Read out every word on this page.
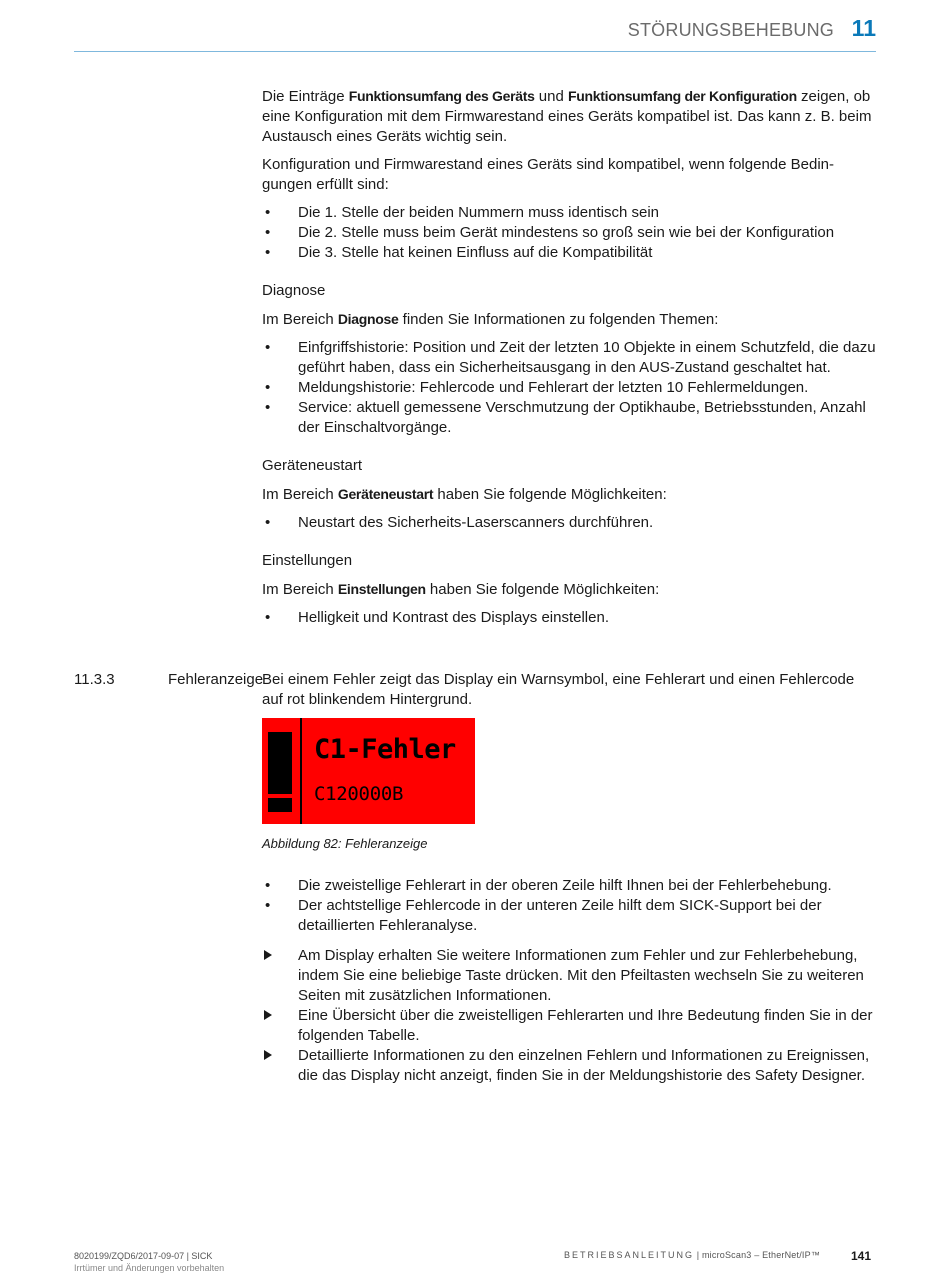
STÖRUNGSBEHEBUNG 11

Die Einträge Funktionsumfang des Geräts und Funktionsumfang der Konfiguration zeigen, ob eine Konfiguration mit dem Firmwarestand eines Geräts kompatibel ist. Das kann z. B. beim Austausch eines Geräts wichtig sein.

Konfiguration und Firmwarestand eines Geräts sind kompatibel, wenn folgende Bedingungen erfüllt sind:

• Die 1. Stelle der beiden Nummern muss identisch sein
• Die 2. Stelle muss beim Gerät mindestens so groß sein wie bei der Konfiguration
• Die 3. Stelle hat keinen Einfluss auf die Kompatibilität
Diagnose

Im Bereich Diagnose finden Sie Informationen zu folgenden Themen:

• Einfgriffshistorie: Position und Zeit der letzten 10 Objekte in einem Schutzfeld, die dazu geführt haben, dass ein Sicherheitsausgang in den AUS-Zustand geschaltet hat.
• Meldungshistorie: Fehlercode und Fehlerart der letzten 10 Fehlermeldungen.
• Service: aktuell gemessene Verschmutzung der Optikhaube, Betriebsstunden, Anzahl der Einschaltvorgänge.
Geräteneustart

Im Bereich Geräteneustart haben Sie folgende Möglichkeiten:

• Neustart des Sicherheits-Laserscanners durchführen.
Einstellungen

Im Bereich Einstellungen haben Sie folgende Möglichkeiten:

• Helligkeit und Kontrast des Displays einstellen.

Bei einem Fehler zeigt das Display ein Warnsymbol, eine Fehlerart und einen Fehlercode auf rot blinkendem Hintergrund.

C1-Fehler
C120000B
Abbildung 82: Fehleranzeige
• Die zweistellige Fehlerart in der oberen Zeile hilft Ihnen bei der Fehlerbehebung.
• Der achtstellige Fehlercode in der unteren Zeile hilft dem SICK-Support bei der detaillierten Fehleranalyse.
Am Display erhalten Sie weitere Informationen zum Fehler und zur Fehlerbehebung, indem Sie eine beliebige Taste drücken. Mit den Pfeiltasten wechseln Sie zu weiteren Seiten mit zusätzlichen Informationen.
Eine Übersicht über die zweistelligen Fehlerarten und Ihre Bedeutung finden Sie in der folgenden Tabelle.
Detaillierte Informationen zu den einzelnen Fehlern und Informationen zu Ereignissen, die das Display nicht anzeigt, finden Sie in der Meldungshistorie des Safety Designer.
11.3.3	Fehleranzeige
8020199/ZQD6/2017-09-07 | SICK
Irrtümer und Änderungen vorbehalten
BETRIEBSANLEITUNG | microScan3 – EtherNet/IP™	141
